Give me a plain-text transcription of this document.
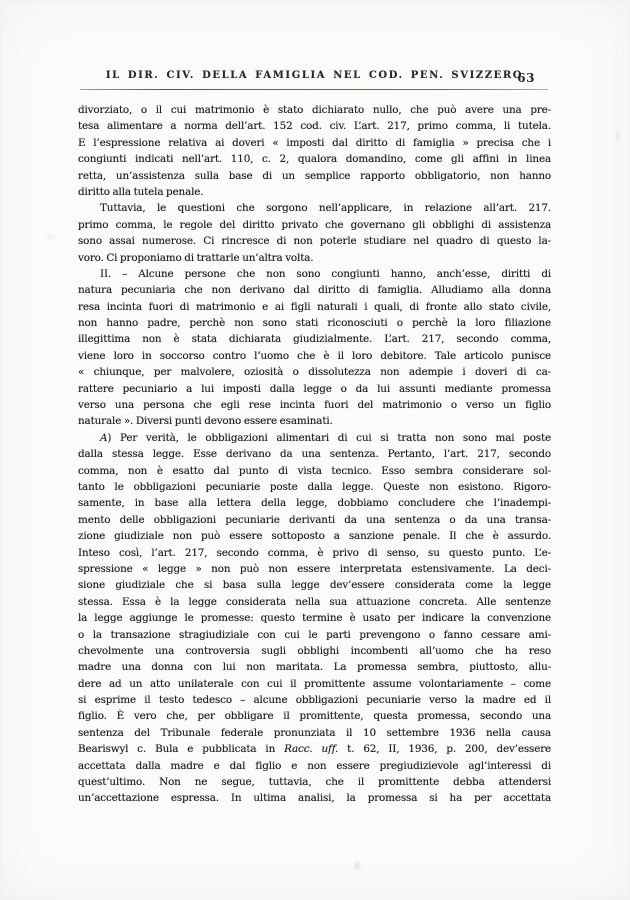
IL DIR. CIV. DELLA FAMIGLIA NEL COD. PEN. SVIZZERO
63
divorziato, o il cui matrimonio è stato dichiarato nullo, che può avere una pre-
tesa alimentare a norma dell’art. 152 cod. civ. L’art. 217, primo comma, li tutela.
E l’espressione relativa ai doveri « imposti dal diritto di famiglia » precisa che i
congiunti indicati nell’art. 110, c. 2, qualora domandino, come gli affini in linea
retta, un’assistenza sulla base di un semplice rapporto obbligatorio, non hanno
diritto alla tutela penale.
Tuttavia, le questioni che sorgono nell’applicare, in relazione all’art. 217.
primo comma, le regole del diritto privato che governano gli obblighi di assistenza
sono assai numerose. Ci rincresce di non poterle studiare nel quadro di questo la-
voro. Ci proponiamo di trattarle un’altra volta.
II. – Alcune persone che non sono congiunti hanno, anch’esse, diritti di
natura pecuniaria che non derivano dal diritto di famiglia. Alludiamo alla donna
resa incinta fuori di matrimonio e ai figli naturali i quali, di fronte allo stato civile,
non hanno padre, perchè non sono stati riconosciuti o perchè la loro filiazione
illegittima non è stata dichiarata giudizialmente. L’art. 217, secondo comma,
viene loro in soccorso contro l’uomo che è il loro debitore. Tale articolo punisce
« chiunque, per malvolere, oziosità o dissolutezza non adempie i doveri di ca-
rattere pecuniario a lui imposti dalla legge o da lui assunti mediante promessa
verso una persona che egli rese incinta fuori del matrimonio o verso un figlio
naturale ». Diversi punti devono essere esaminati.
A) Per verità, le obbligazioni alimentari di cui si tratta non sono mai poste
dalla stessa legge. Esse derivano da una sentenza. Pertanto, l’art. 217, secondo
comma, non è esatto dal punto di vista tecnico. Esso sembra considerare sol-
tanto le obbligazioni pecuniarie poste dalla legge. Queste non esistono. Rigoro-
samente, in base alla lettera della legge, dobbiamo concludere che l’inadempi-
mento delle obbligazioni pecuniarie derivanti da una sentenza o da una transa-
zione giudiziale non può essere sottoposto a sanzione penale. Il che è assurdo.
Inteso così, l’art. 217, secondo comma, è privo di senso, su questo punto. L’e-
spressione « legge » non può non essere interpretata estensivamente. La deci-
sione giudiziale che si basa sulla legge dev’essere considerata come la legge
stessa. Essa è la legge considerata nella sua attuazione concreta. Alle sentenze
la legge aggiunge le promesse: questo termine è usato per indicare la convenzione
o la transazione stragiudiziale con cui le parti prevengono o fanno cessare ami-
chevolmente una controversia sugli obblighi incombenti all’uomo che ha reso
madre una donna con lui non maritata. La promessa sembra, piuttosto, allu-
dere ad un atto unilaterale con cui il promittente assume volontariamente – come
si esprime il testo tedesco – alcune obbligazioni pecuniarie verso la madre ed il
figlio. È vero che, per obbligare il promittente, questa promessa, secondo una
sentenza del Tribunale federale pronunziata il 10 settembre 1936 nella causa
Beariswyl c. Bula e pubblicata in Racc. uff. t. 62, II, 1936, p. 200, dev’essere
accettata dalla madre e dal figlio e non essere pregiudizievole agl’interessi di
quest’ultimo. Non ne segue, tuttavia, che il promittente debba attendersi
un’accettazione espressa. In ultima analisi, la promessa si ha per accettata
